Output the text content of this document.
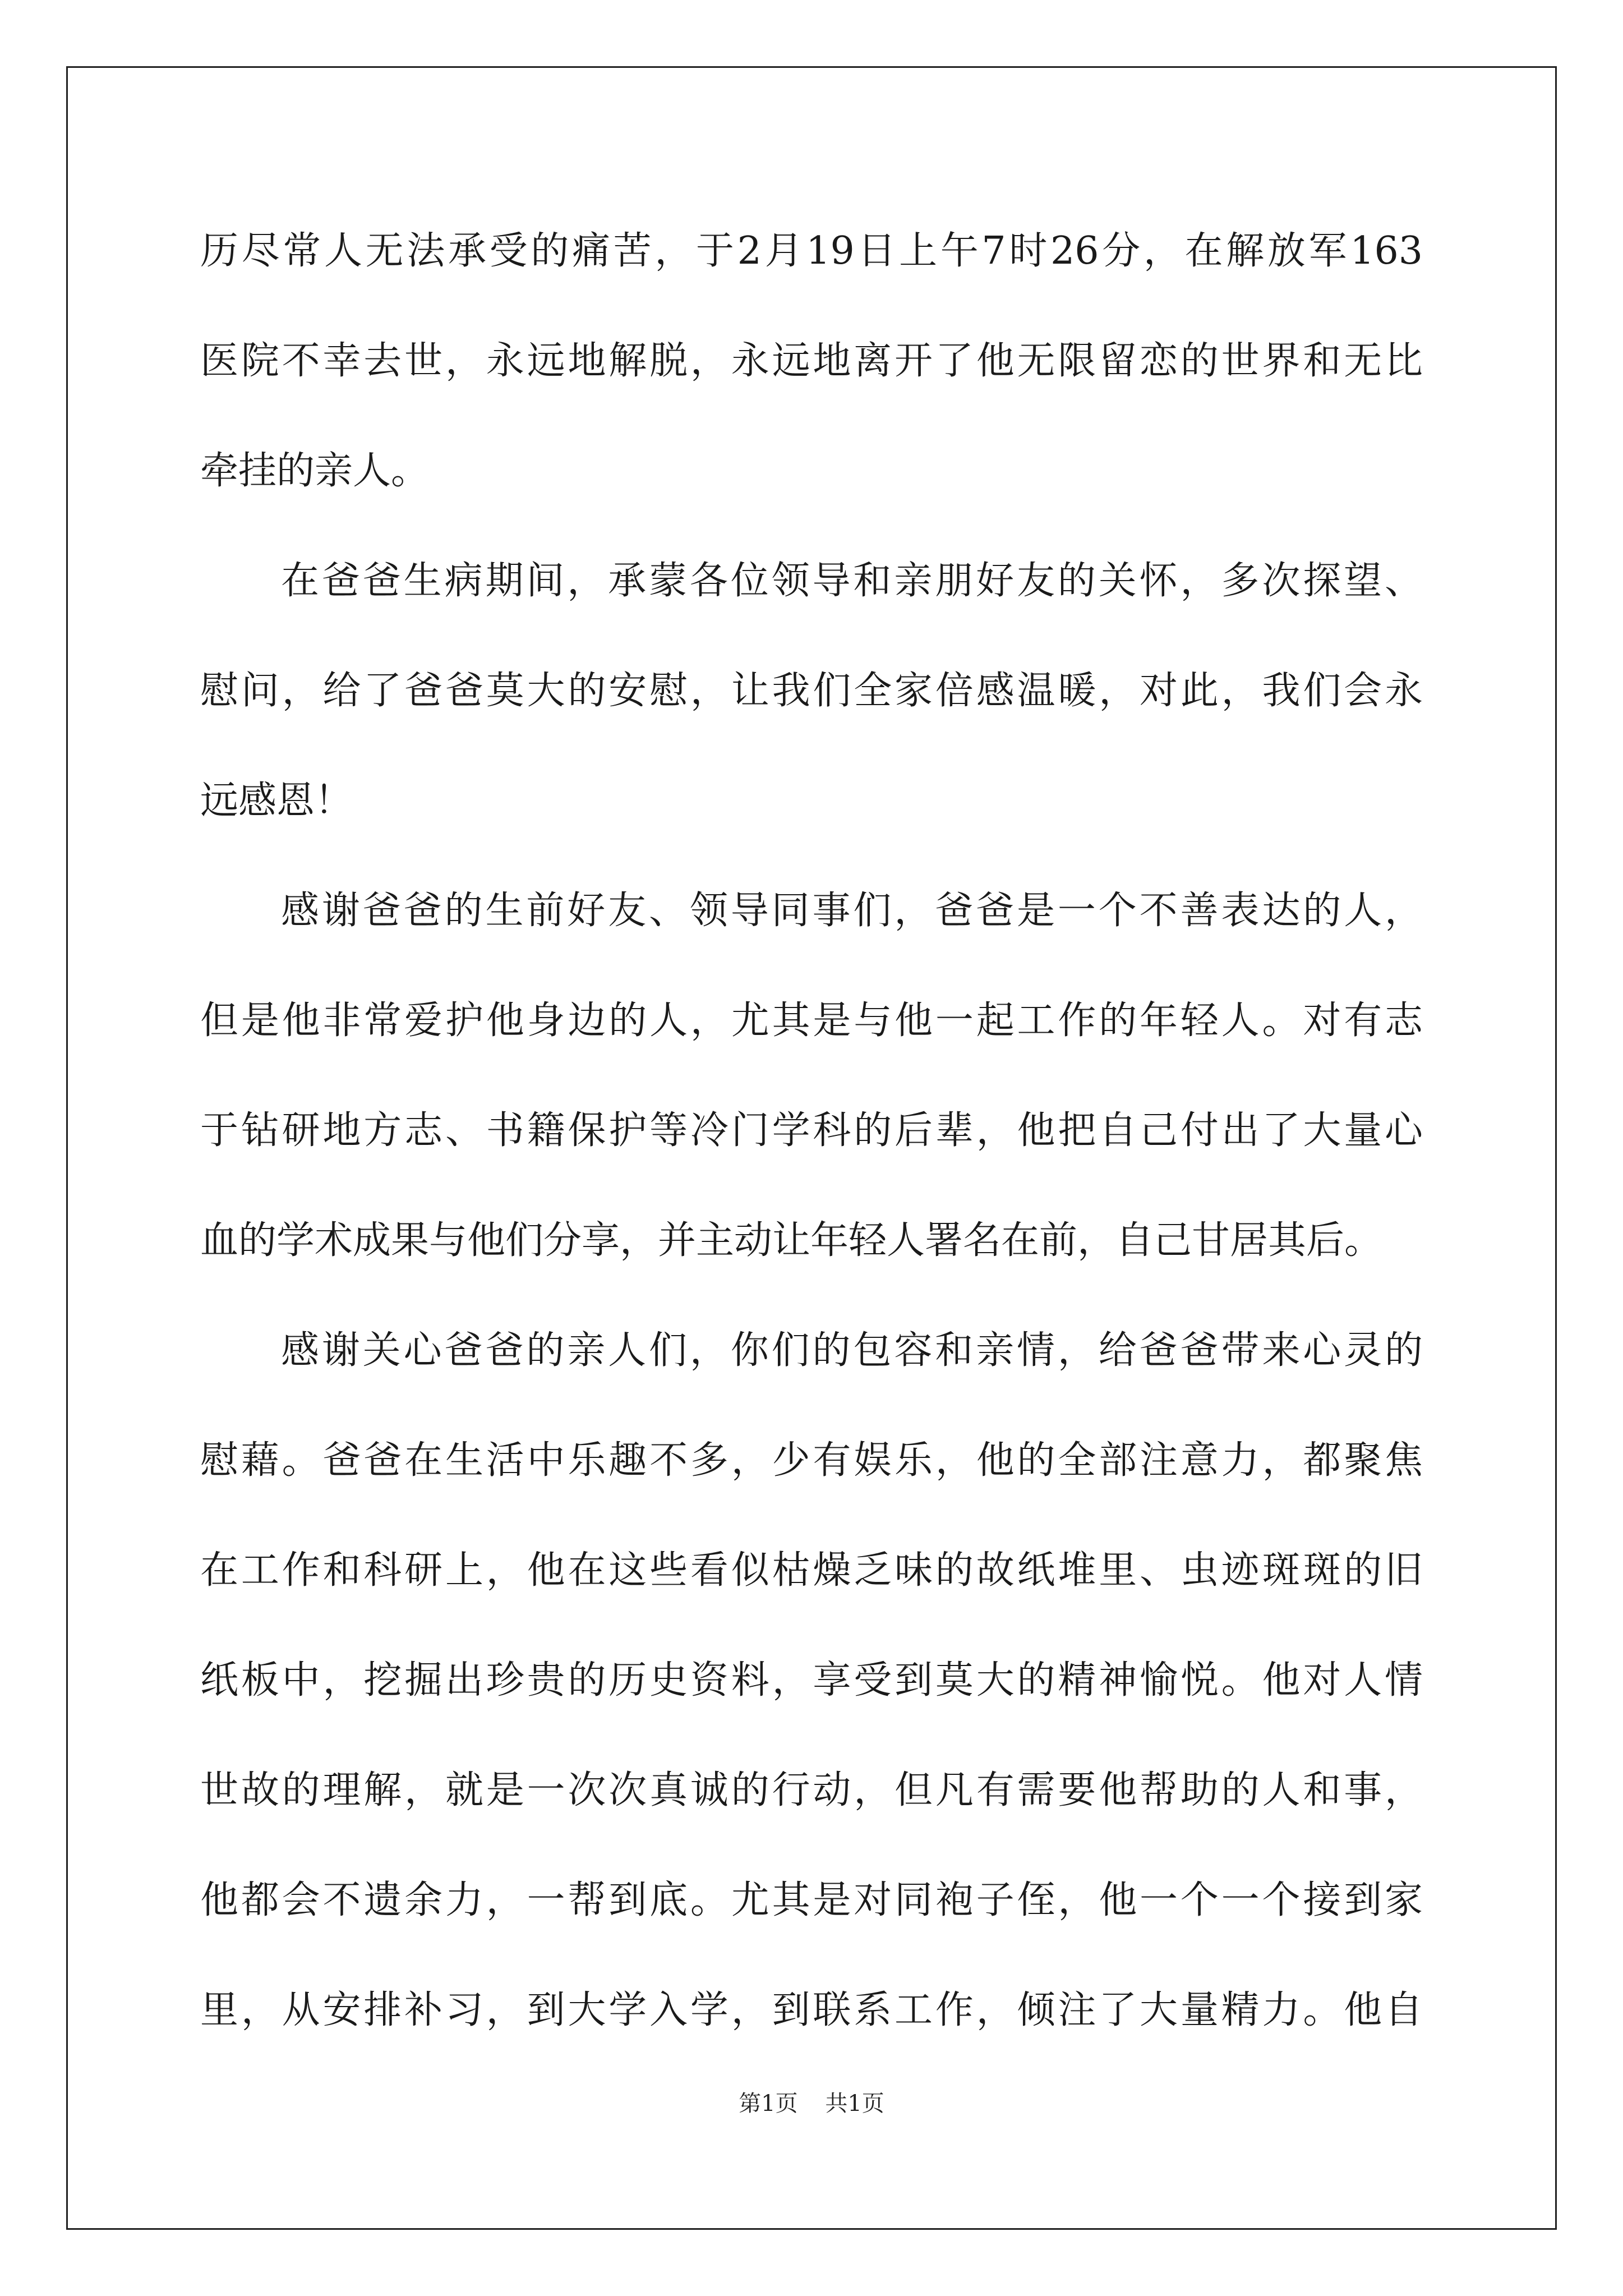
历尽常人无法承受的痛苦，于2月19日上午7时26分，在解放军163
医院不幸去世，永远地解脱，永远地离开了他无限留恋的世界和无比
牵挂的亲人。
在爸爸生病期间，承蒙各位领导和亲朋好友的关怀，多次探望、
慰问，给了爸爸莫大的安慰，让我们全家倍感温暖，对此，我们会永
远感恩！
感谢爸爸的生前好友、领导同事们，爸爸是一个不善表达的人，
但是他非常爱护他身边的人，尤其是与他一起工作的年轻人。对有志
于钻研地方志、书籍保护等冷门学科的后辈，他把自己付出了大量心
血的学术成果与他们分享，并主动让年轻人署名在前，自己甘居其后。
感谢关心爸爸的亲人们，你们的包容和亲情，给爸爸带来心灵的
慰藉。爸爸在生活中乐趣不多，少有娱乐，他的全部注意力，都聚焦
在工作和科研上，他在这些看似枯燥乏味的故纸堆里、虫迹斑斑的旧
纸板中，挖掘出珍贵的历史资料，享受到莫大的精神愉悦。他对人情
世故的理解，就是一次次真诚的行动，但凡有需要他帮助的人和事，
他都会不遗余力，一帮到底。尤其是对同袍子侄，他一个一个接到家
里，从安排补习，到大学入学，到联系工作，倾注了大量精力。他自
第1页 共1页
